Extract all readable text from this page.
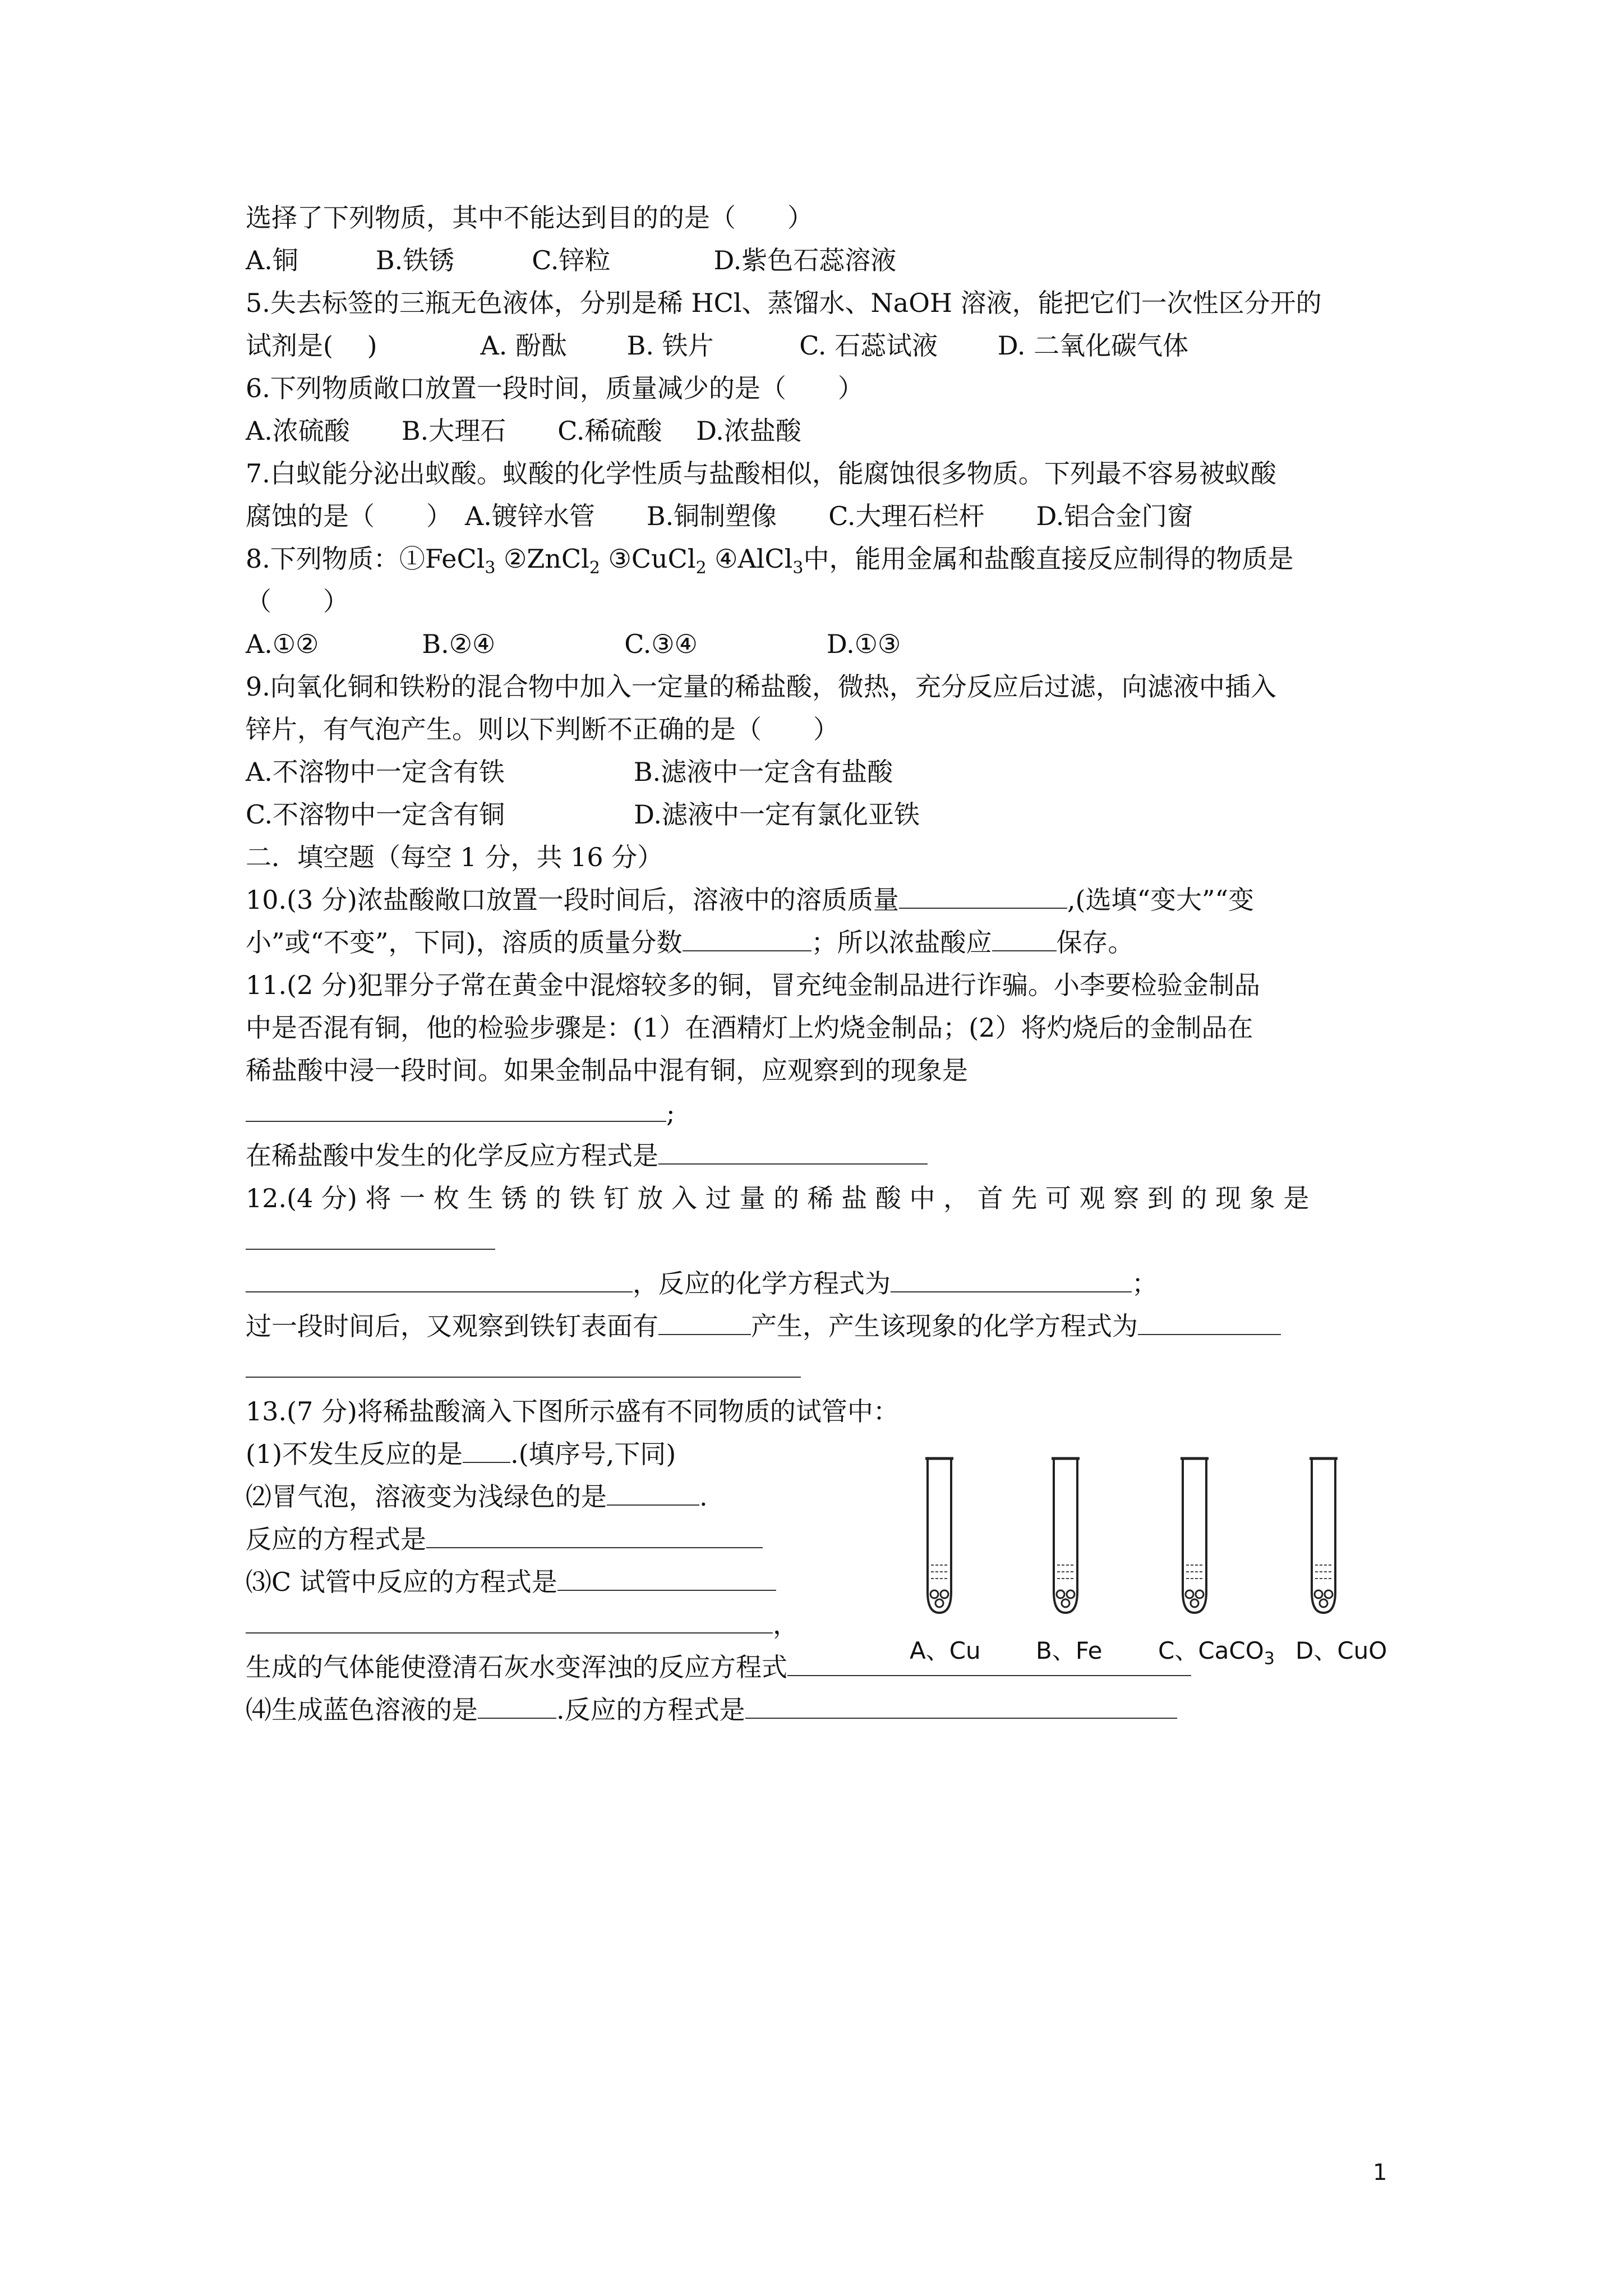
选择了下列物质，其中不能达到目的的是（　　）
A.铜　　　B.铁锈　　　C.锌粒　　　　D.紫色石蕊溶液
5.失去标签的三瓶无色液体，分别是稀 HCl、蒸馏水、NaOH 溶液，能把它们一次性区分开的
试剂是(　 )　　　　A. 酚酞　　 B. 铁片　　　 C. 石蕊试液　　 D. 二氧化碳气体
6.下列物质敞口放置一段时间，质量减少的是（　　）
A.浓硫酸　　B.大理石　　C.稀硫酸　 D.浓盐酸
7.白蚁能分泌出蚁酸。蚁酸的化学性质与盐酸相似，能腐蚀很多物质。下列最不容易被蚁酸
腐蚀的是（　　）　A.镀锌水管　　B.铜制塑像　　C.大理石栏杆　　D.铝合金门窗
8.下列物质：①FeCl$_3$ ②ZnCl$_2$ ③CuCl$_2$ ④AlCl$_3$中，能用金属和盐酸直接反应制得的物质是
（　　）
A.①②　　　　B.②④　　　　　C.③④　　　　　D.①③
9.向氧化铜和铁粉的混合物中加入一定量的稀盐酸，微热，充分反应后过滤，向滤液中插入
锌片，有气泡产生。则以下判断不正确的是（　　）
A.不溶物中一定含有铁　　　　　B.滤液中一定含有盐酸
C.不溶物中一定含有铜　　　　　D.滤液中一定有氯化亚铁
二．填空题（每空 1 分，共 16 分）
10.(3 分)浓盐酸敞口放置一段时间后，溶液中的溶质质量	,(选填“变大”“变
小”或“不变”，下同)，溶质的质量分数	；所以浓盐酸应	保存。
11.(2 分)犯罪分子常在黄金中混熔较多的铜，冒充纯金制品进行诈骗。小李要检验金制品
中是否混有铜，他的检验步骤是：(1）在酒精灯上灼烧金制品；(2）将灼烧后的金制品在
稀盐酸中浸一段时间。如果金制品中混有铜，应观察到的现象是
;
在稀盐酸中发生的化学反应方程式是
12.(4 分) 将 一 枚 生 锈 的 铁 钉 放 入 过 量 的 稀 盐 酸 中 ， 首 先 可 观 察 到 的 现 象 是
，反应的化学方程式为	；
过一段时间后，又观察到铁钉表面有	产生，产生该现象的化学方程式为
13.(7 分)将稀盐酸滴入下图所示盛有不同物质的试管中：
(1)不发生反应的是 .(填序号,下同)
⑵冒气泡，溶液变为浅绿色的是	.
反应的方程式是
⑶C 试管中反应的方程式是
，
生成的气体能使澄清石灰水变浑浊的反应方程式
⑷生成蓝色溶液的是	.反应的方程式是
A、Cu B、Fe C、CaCO$_3$ D、CuO
1
